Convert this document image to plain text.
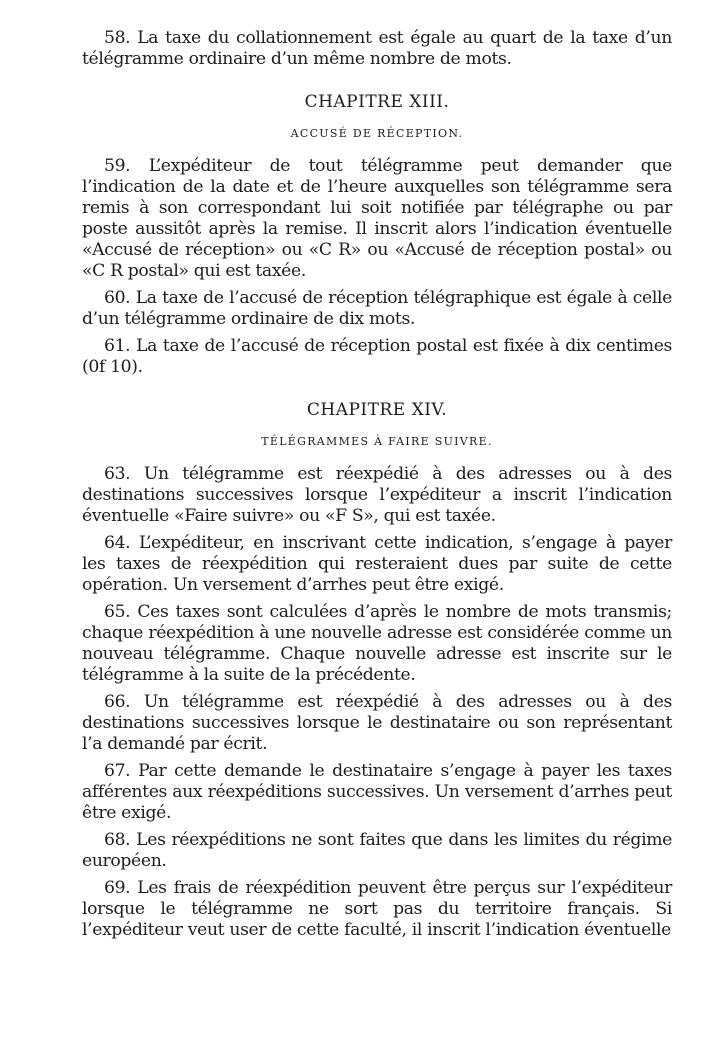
58. La taxe du collationnement est égale au quart de la taxe d’un télégramme ordinaire d’un même nombre de mots.

CHAPITRE XIII.
ACCUSÉ DE RÉCEPTION.

59. L’expéditeur de tout télégramme peut demander que l’indication de la date et de l’heure auxquelles son télégramme sera remis à son correspondant lui soit notifiée par télégraphe ou par poste aussitôt après la remise. Il inscrit alors l’indication éventuelle «Accusé de réception» ou «C R» ou «Accusé de réception postal» ou «C R postal» qui est taxée.

60. La taxe de l’accusé de réception télégraphique est égale à celle d’un télégramme ordinaire de dix mots.

61. La taxe de l’accusé de réception postal est fixée à dix centimes (0f 10).

CHAPITRE XIV.
TÉLÉGRAMMES À FAIRE SUIVRE.

63. Un télégramme est réexpédié à des adresses ou à des destinations successives lorsque l’expéditeur a inscrit l’indication éventuelle «Faire suivre» ou «F S», qui est taxée.

64. L’expéditeur, en inscrivant cette indication, s’engage à payer les taxes de réexpédition qui resteraient dues par suite de cette opération. Un versement d’arrhes peut être exigé.

65. Ces taxes sont calculées d’après le nombre de mots transmis; chaque réexpédition à une nouvelle adresse est considérée comme un nouveau télégramme. Chaque nouvelle adresse est inscrite sur le télégramme à la suite de la précédente.

66. Un télégramme est réexpédié à des adresses ou à des destinations successives lorsque le destinataire ou son représentant l’a demandé par écrit.

67. Par cette demande le destinataire s’engage à payer les taxes afférentes aux réexpéditions successives. Un versement d’arrhes peut être exigé.

68. Les réexpéditions ne sont faites que dans les limites du régime européen.

69. Les frais de réexpédition peuvent être perçus sur l’expéditeur lorsque le télégramme ne sort pas du territoire français. Si l’expéditeur veut user de cette faculté, il inscrit l’indication éventuelle
